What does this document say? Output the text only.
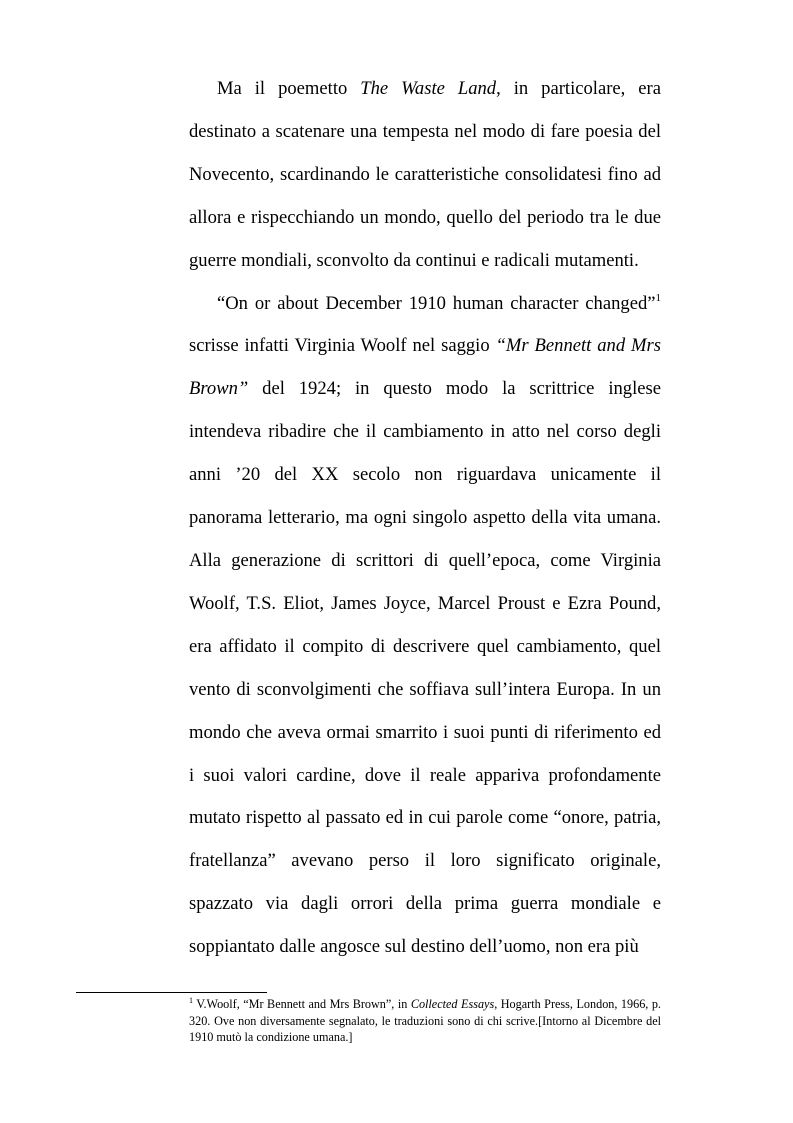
Ma il poemetto The Waste Land, in particolare, era destinato a scatenare una tempesta nel modo di fare poesia del Novecento, scardinando le caratteristiche consolidatesi fino ad allora e rispecchiando un mondo, quello del periodo tra le due guerre mondiali, sconvolto da continui e radicali mutamenti.

“On or about December 1910 human character changed”$^1$ scrisse infatti Virginia Woolf nel saggio “Mr Bennett and Mrs Brown” del 1924; in questo modo la scrittrice inglese intendeva ribadire che il cambiamento in atto nel corso degli anni ’20 del XX secolo non riguardava unicamente il panorama letterario, ma ogni singolo aspetto della vita umana. Alla generazione di scrittori di quell’epoca, come Virginia Woolf, T.S. Eliot, James Joyce, Marcel Proust e Ezra Pound, era affidato il compito di descrivere quel cambiamento, quel vento di sconvolgimenti che soffiava sull’intera Europa. In un mondo che aveva ormai smarrito i suoi punti di riferimento ed i suoi valori cardine, dove il reale appariva profondamente mutato rispetto al passato ed in cui parole come “onore, patria, fratellanza” avevano perso il loro significato originale, spazzato via dagli orrori della prima guerra mondiale e soppiantato dalle angosce sul destino dell’uomo, non era più

$^1$ V.Woolf, “Mr Bennett and Mrs Brown”, in Collected Essays, Hogarth Press, London, 1966, p. 320. Ove non diversamente segnalato, le traduzioni sono di chi scrive.[Intorno al Dicembre del 1910 mutò la condizione umana.]
